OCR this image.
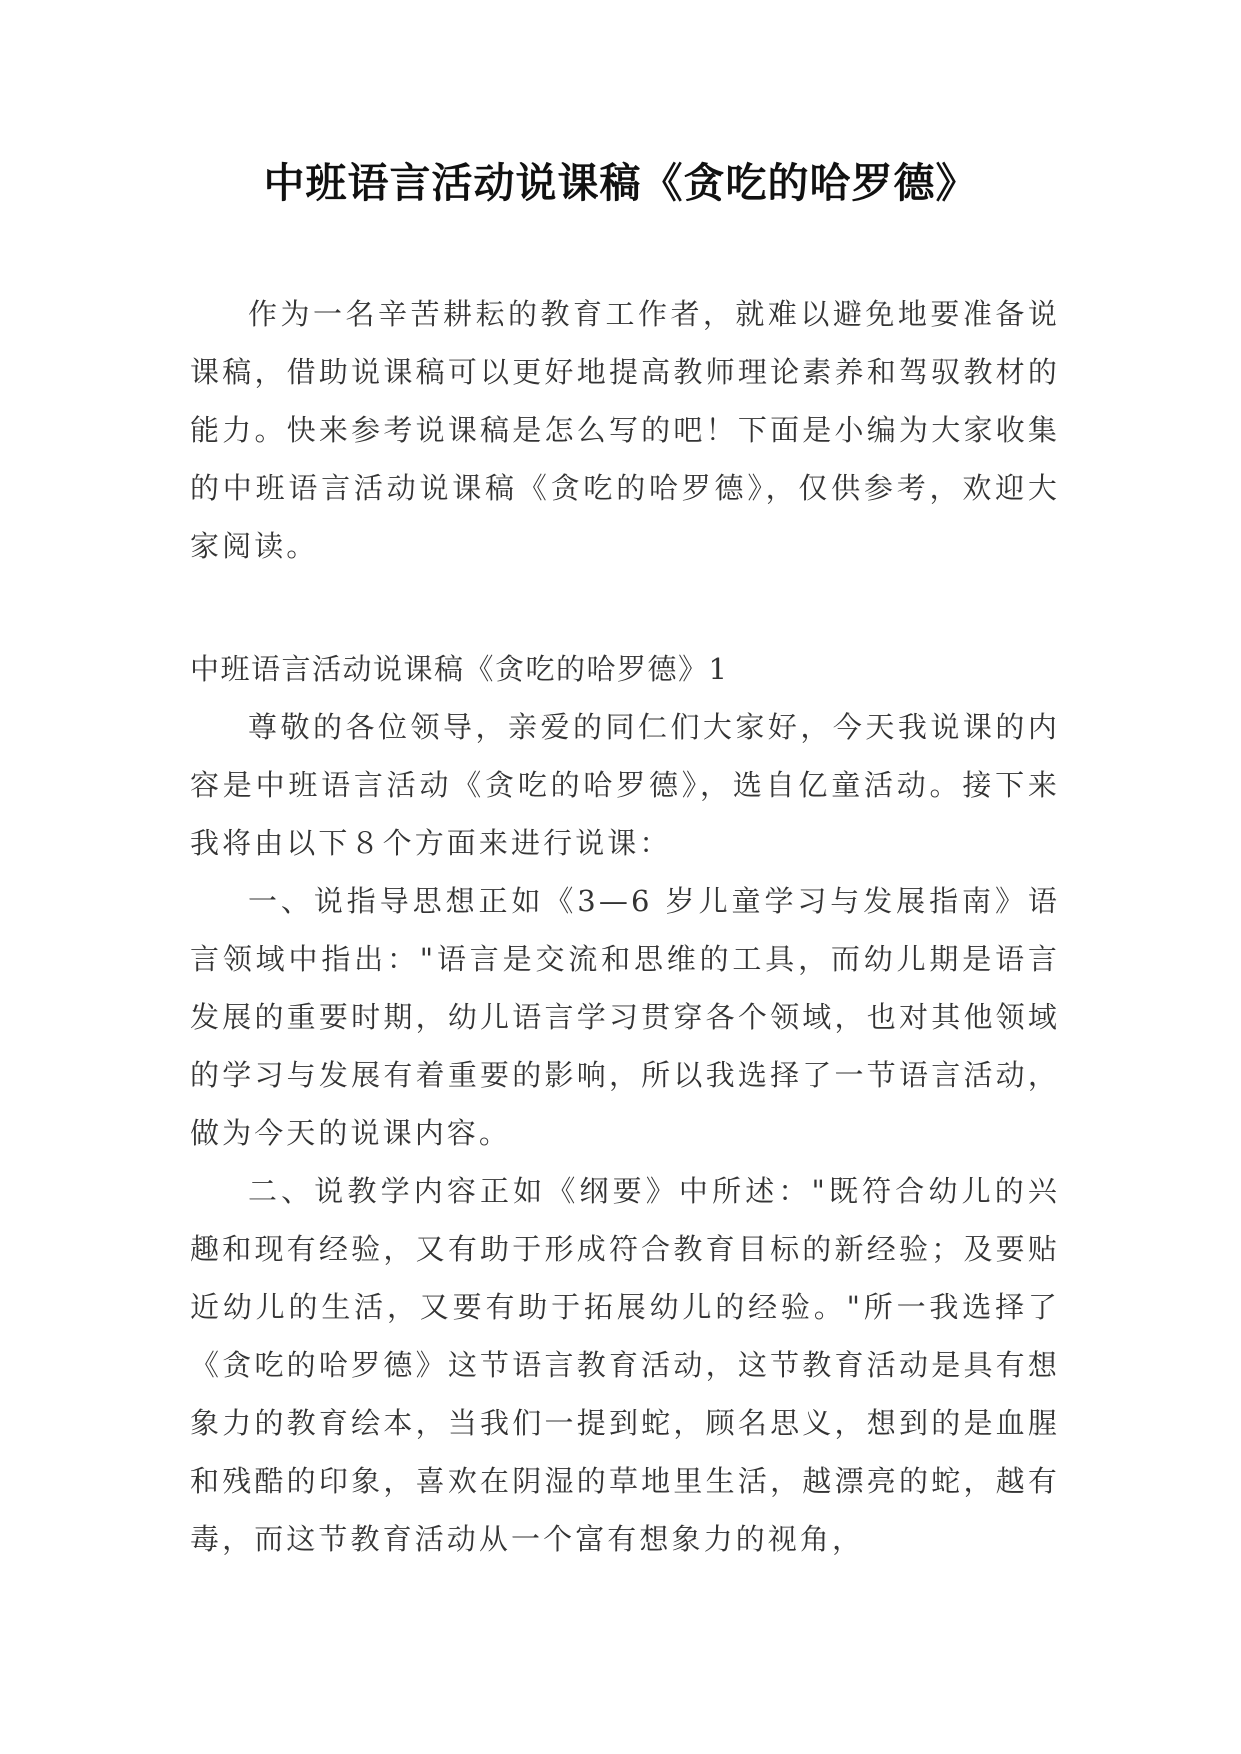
中班语言活动说课稿《贪吃的哈罗德》

作为一名辛苦耕耘的教育工作者，就难以避免地要准备说课稿，借助说课稿可以更好地提高教师理论素养和驾驭教材的能力。快来参考说课稿是怎么写的吧！下面是小编为大家收集的中班语言活动说课稿《贪吃的哈罗德》，仅供参考，欢迎大家阅读。

中班语言活动说课稿《贪吃的哈罗德》1

尊敬的各位领导，亲爱的同仁们大家好，今天我说课的内容是中班语言活动《贪吃的哈罗德》，选自亿童活动。接下来我将由以下８个方面来进行说课：

一、说指导思想正如《3—6 岁儿童学习与发展指南》语言领域中指出："语言是交流和思维的工具，而幼儿期是语言发展的重要时期，幼儿语言学习贯穿各个领域，也对其他领域的学习与发展有着重要的影响，所以我选择了一节语言活动，做为今天的说课内容。

二、说教学内容正如《纲要》中所述："既符合幼儿的兴趣和现有经验，又有助于形成符合教育目标的新经验；及要贴近幼儿的生活，又要有助于拓展幼儿的经验。"所一我选择了《贪吃的哈罗德》这节语言教育活动，这节教育活动是具有想象力的教育绘本，当我们一提到蛇，顾名思义，想到的是血腥和残酷的印象，喜欢在阴湿的草地里生活，越漂亮的蛇，越有毒，而这节教育活动从一个富有想象力的视角，
